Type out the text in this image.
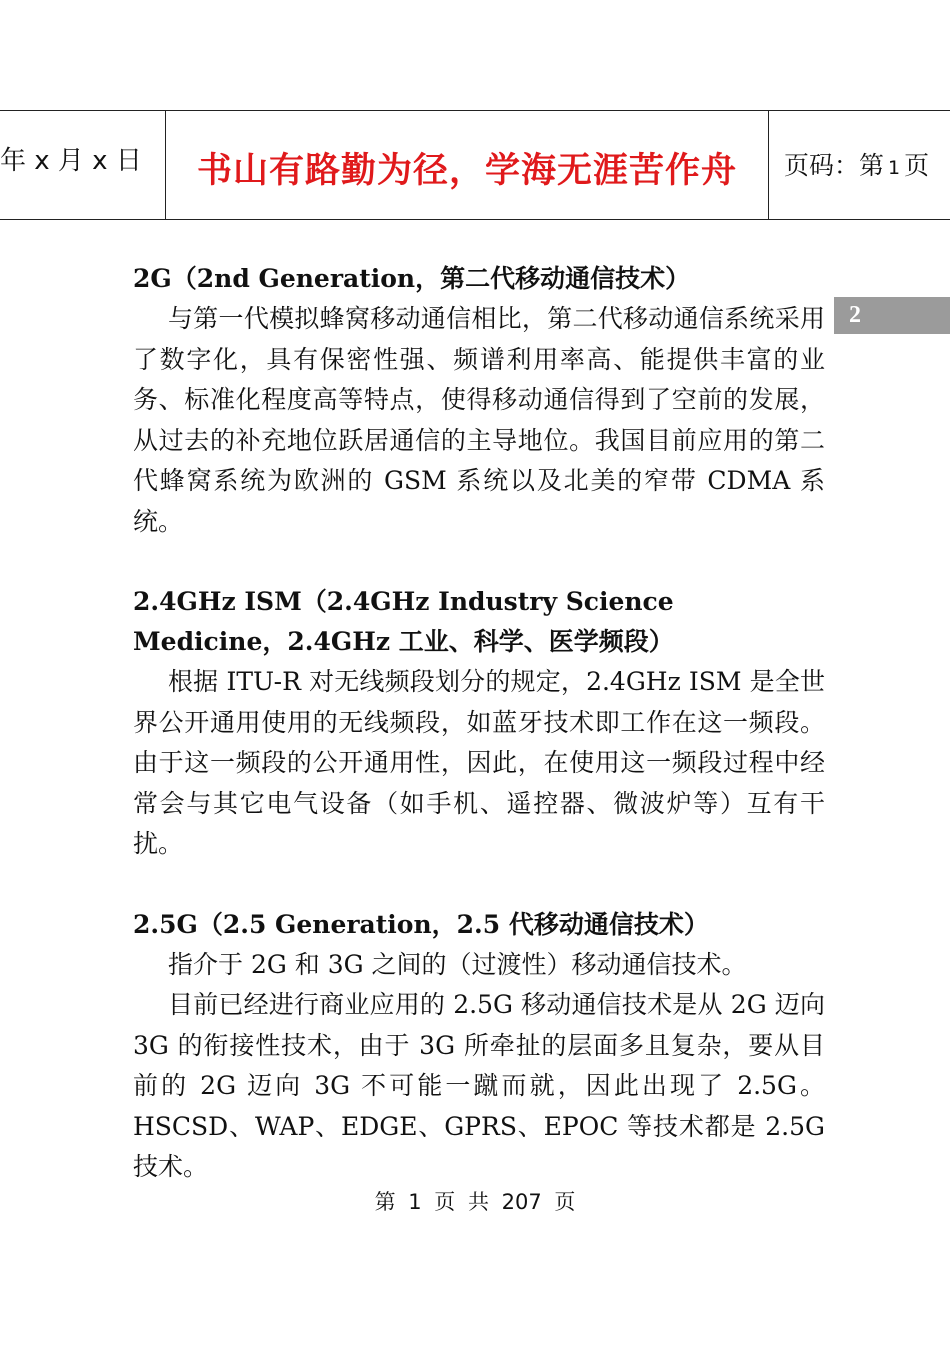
年 x 月 x 日	书山有路勤为径，学海无涯苦作舟	页码：第 1 页
2
2G（2nd Generation，第二代移动通信技术）
与第一代模拟蜂窝移动通信相比，第二代移动通信系统采用了数字化，具有保密性强、频谱利用率高、能提供丰富的业务、标准化程度高等特点，使得移动通信得到了空前的发展，从过去的补充地位跃居通信的主导地位。我国目前应用的第二代蜂窝系统为欧洲的 GSM 系统以及北美的窄带 CDMA 系统。
2.4GHz ISM（2.4GHz Industry Science Medicine，2.4GHz 工业、科学、医学频段）
根据 ITU-R 对无线频段划分的规定，2.4GHz ISM 是全世界公开通用使用的无线频段，如蓝牙技术即工作在这一频段。由于这一频段的公开通用性，因此，在使用这一频段过程中经常会与其它电气设备（如手机、遥控器、微波炉等）互有干扰。
2.5G（2.5 Generation，2.5 代移动通信技术）
指介于 2G 和 3G 之间的（过渡性）移动通信技术。
目前已经进行商业应用的 2.5G 移动通信技术是从 2G 迈向 3G 的衔接性技术，由于 3G 所牵扯的层面多且复杂，要从目前的 2G 迈向 3G 不可能一蹴而就，因此出现了 2.5G。HSCSD、WAP、EDGE、GPRS、EPOC 等技术都是 2.5G 技术。
第 1 页 共 207 页
